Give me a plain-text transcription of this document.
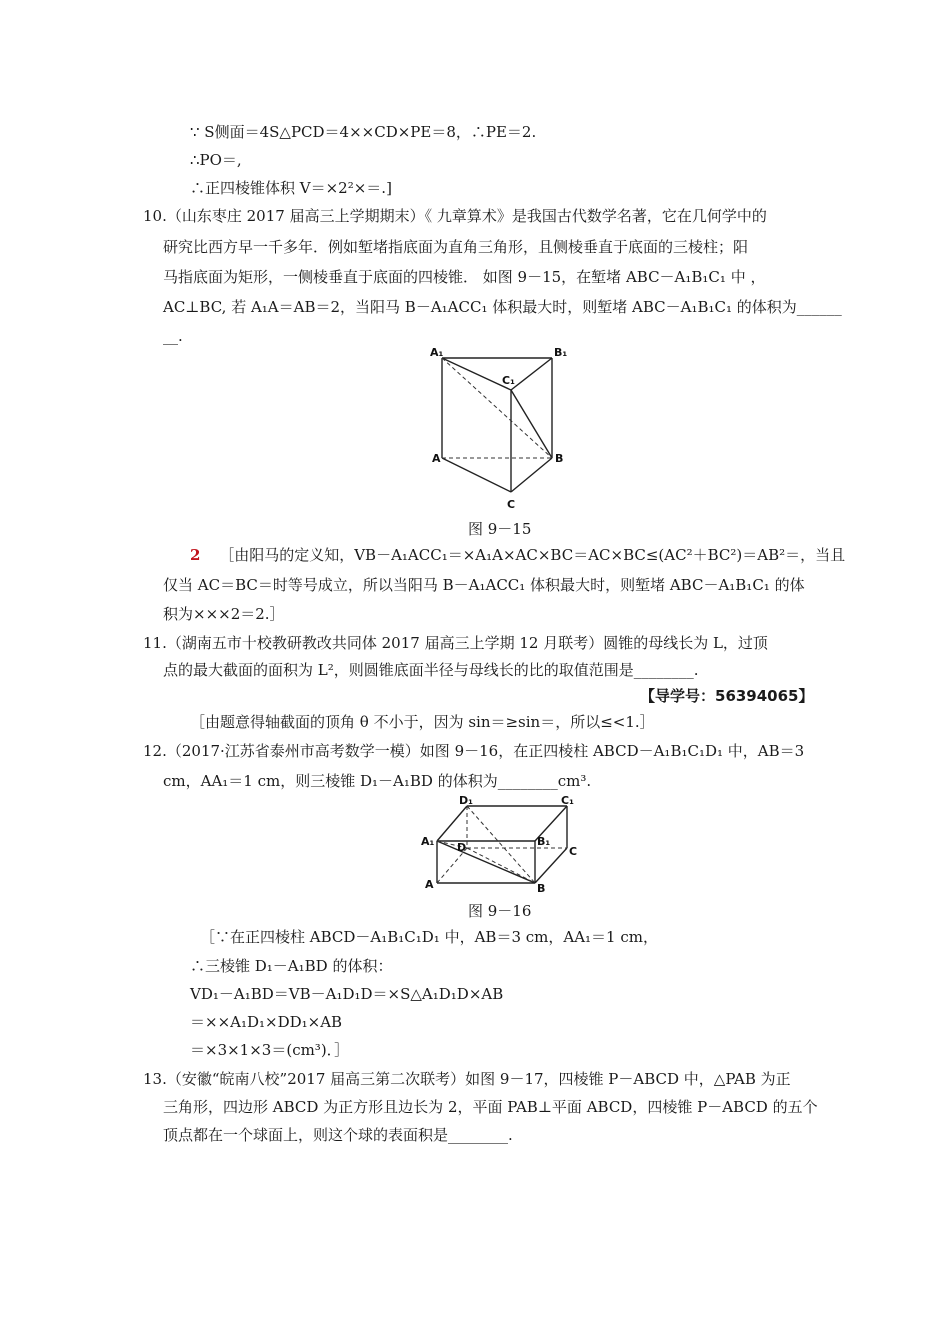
∵ S侧面＝4S△PCD＝4××CD×PE＝8，∴PE＝2.
∴PO＝,
∴正四棱锥体积 V＝×2²×＝.]
10.（山东枣庄 2017 届高三上学期期末）《 九章算术》是我国古代数学名著，它在几何学中的
研究比西方早一千多年．例如堑堵指底面为直角三角形，且侧棱垂直于底面的三棱柱；阳
马指底面为矩形，一侧棱垂直于底面的四棱锥． 如图 9－15，在堑堵 ABC－A₁B₁C₁ 中 ，
AC⊥BC, 若 A₁A＝AB＝2，当阳马 B－A₁ACC₁ 体积最大时，则堑堵 ABC－A₁B₁C₁ 的体积为______
__.
A₁	B₁
C₁
A	B
C
图 9－15
2 ［由阳马的定义知，VB－A₁ACC₁＝×A₁A×AC×BC＝AC×BC≤(AC²＋BC²)＝AB²＝，当且
仅当 AC＝BC＝时等号成立，所以当阳马 B－A₁ACC₁ 体积最大时，则堑堵 ABC－A₁B₁C₁ 的体
积为×××2＝2.］
11.（湖南五市十校教研教改共同体 2017 届高三上学期 12 月联考）圆锥的母线长为 L，过顶
点的最大截面的面积为 L²，则圆锥底面半径与母线长的比的取值范围是________.
【导学号：56394065】
［由题意得轴截面的顶角 θ 不小于，因为 sin＝≥sin＝，所以≤<1.］
12.（2017·江苏省泰州市高考数学一模）如图 9－16，在正四棱柱 ABCD－A₁B₁C₁D₁ 中，AB＝3
cm，AA₁＝1 cm，则三棱锥 D₁－A₁BD 的体积为________cm³.
D₁	C₁
A₁ D	B₁
C
A	B
图 9－16
［∵在正四棱柱 ABCD－A₁B₁C₁D₁ 中，AB＝3 cm，AA₁＝1 cm，
∴三棱锥 D₁－A₁BD 的体积：
VD₁－A₁BD＝VB－A₁D₁D＝×S△A₁D₁D×AB
＝××A₁D₁×DD₁×AB
＝×3×1×3＝(cm³)．］
13.（安徽“皖南八校”2017 届高三第二次联考）如图 9－17，四棱锥 P－ABCD 中，△PAB 为正
三角形，四边形 ABCD 为正方形且边长为 2，平面 PAB⊥平面 ABCD，四棱锥 P－ABCD 的五个
顶点都在一个球面上，则这个球的表面积是________.
